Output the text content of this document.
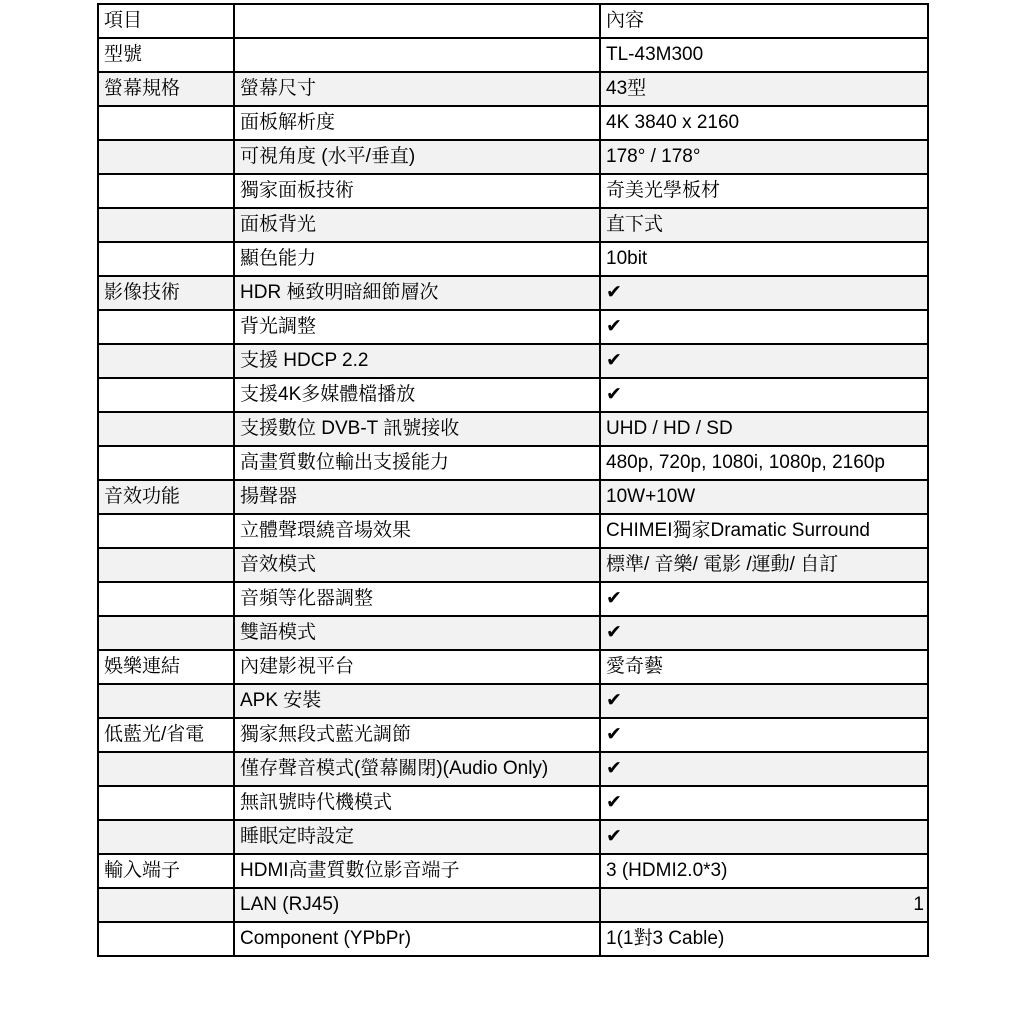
項目		內容
型號		TL-43M300
螢幕規格	螢幕尺寸	43型
	面板解析度	4K 3840 x 2160
	可視角度 (水平/垂直)	178° / 178°
	獨家面板技術	奇美光學板材
	面板背光	直下式
	顯色能力	10bit
影像技術	HDR 極致明暗細節層次	✔
	背光調整	✔
	支援 HDCP 2.2	✔
	支援4K多媒體檔播放	✔
	支援數位 DVB-T 訊號接收	UHD / HD / SD
	高畫質數位輸出支援能力	480p, 720p, 1080i, 1080p, 2160p
音效功能	揚聲器	10W+10W
	立體聲環繞音場效果	CHIMEI獨家Dramatic Surround
	音效模式	標準/ 音樂/ 電影 /運動/ 自訂
	音頻等化器調整	✔
	雙語模式	✔
娛樂連結	內建影視平台	愛奇藝
	APK 安裝	✔
低藍光/省電	獨家無段式藍光調節	✔
	僅存聲音模式(螢幕關閉)(Audio Only)	✔
	無訊號時代機模式	✔
	睡眠定時設定	✔
輸入端子	HDMI高畫質數位影音端子	3 (HDMI2.0*3)
	LAN (RJ45)	1
	Component (YPbPr)	1(1對3 Cable)
